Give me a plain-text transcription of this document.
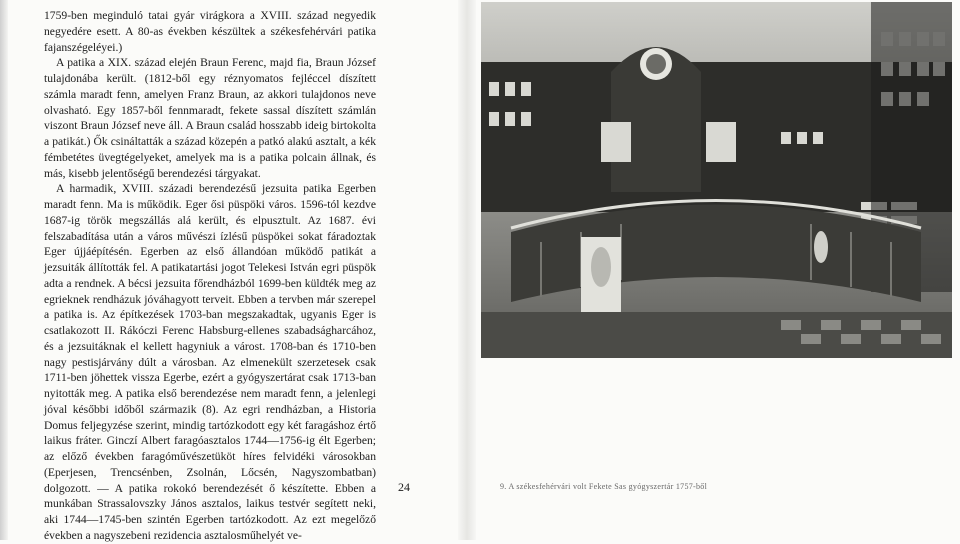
1759-ben meginduló tatai gyár virágkora a XVIII. század negyedik negyedére esett. A 80-as években készültek a székesfehérvári patika fajanszégeléyei.)

A patika a XIX. század elején Braun Ferenc, majd fia, Braun József tulajdonába került. (1812-ből egy réznyomatos fejléccel díszített számla maradt fenn, amelyen Franz Braun, az akkori tulajdonos neve olvasható. Egy 1857-ből fennmaradt, fekete sassal díszített számlán viszont Braun József neve áll. A Braun család hosszabb ideig birtokolta a patikát.) Ők csináltatták a század közepén a patkó alakú asztalt, a kék fémbetétes üvegtégelyeket, amelyek ma is a patika polcain állnak, és más, kisebb jelentőségű berendezési tárgyakat.

A harmadik, XVIII. századi berendezésű jezsuita patika Egerben maradt fenn. Ma is működik. Eger ősi püspöki város. 1596-tól kezdve 1687-ig török megszállás alá került, és elpusztult. Az 1687. évi felszabadítása után a város művészi ízlésű püspökei sokat fáradoztak Eger újjáépítésén. Egerben az első állandóan működő patikát a jezsuiták állították fel. A patikatartási jogot Telekesi István egri püspök adta a rendnek. A bécsi jezsuita főrendházból 1699-ben küldték meg az egrieknek rendházuk jóváhagyott terveit. Ebben a tervben már szerepel a patika is. Az építkezések 1703-ban megszakadtak, ugyanis Eger is csatlakozott II. Rákóczi Ferenc Habsburg-ellenes szabadságharcához, és a jezsuitáknak el kellett hagyniuk a várost. 1708-ban és 1710-ben nagy pestisjárvány dúlt a városban. Az elmenekült szerzetesek csak 1711-ben jöhettek vissza Egerbe, ezért a gyógyszertárat csak 1713-ban nyitották meg. A patika első berendezése nem maradt fenn, a jelenlegi jóval későbbi időből származik (8). Az egri rendházban, a Historia Domus feljegyzése szerint, mindig tartózkodott egy két faragáshoz értő laikus fráter. Ginczí Albert faragóasztalos 1744—1756-ig élt Egerben; az előző években faragóművészetüköt híres felvidéki városokban (Eperjesen, Trencsénben, Zsolnán, Lőcsén, Nagyszombatban) dolgozott. — A patika rokokó berendezését ő készítette. Ebben a munkában Strassalovszky János asztalos, laikus testvér segített neki, aki 1744—1745-ben szintén Egerben tartózkodott. Az ezt megelőző években a nagyszebeni rezidencia asztalosműhelyét ve-

24	9. A székesfehérvári volt Fekete Sas gyógyszertár 1757-ből
